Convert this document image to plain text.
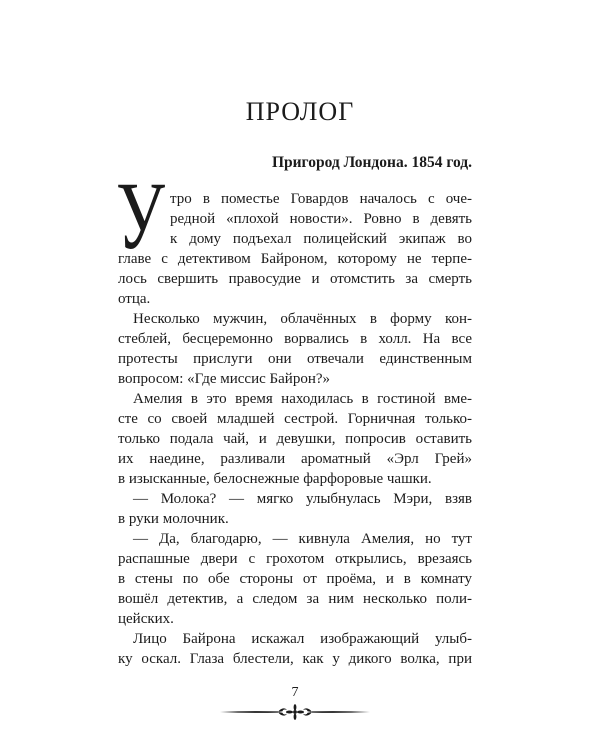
ПРОЛОГ
Пригород Лондона. 1854 год.
У тро в поместье Говардов началось с оче-
редной «плохой новости». Ровно в девять
к дому подъехал полицейский экипаж во
главе с детективом Байроном, которому не терпе-
лось свершить правосудие и отомстить за смерть
отца.
Несколько мужчин, облачённых в форму кон-
стеблей, бесцеремонно ворвались в холл. На все
протесты прислуги они отвечали единственным
вопросом: «Где миссис Байрон?»
Амелия в это время находилась в гостиной вме-
сте со своей младшей сестрой. Горничная только-
только подала чай, и девушки, попросив оставить
их наедине, разливали ароматный «Эрл Грей»
в изысканные, белоснежные фарфоровые чашки.
— Молока? — мягко улыбнулась Мэри, взяв
в руки молочник.
— Да, благодарю, — кивнула Амелия, но тут
распашные двери с грохотом открылись, врезаясь
в стены по обе стороны от проёма, и в комнату
вошёл детектив, а следом за ним несколько поли-
цейских.
Лицо Байрона искажал изображающий улыб-
ку оскал. Глаза блестели, как у дикого волка, при
7
